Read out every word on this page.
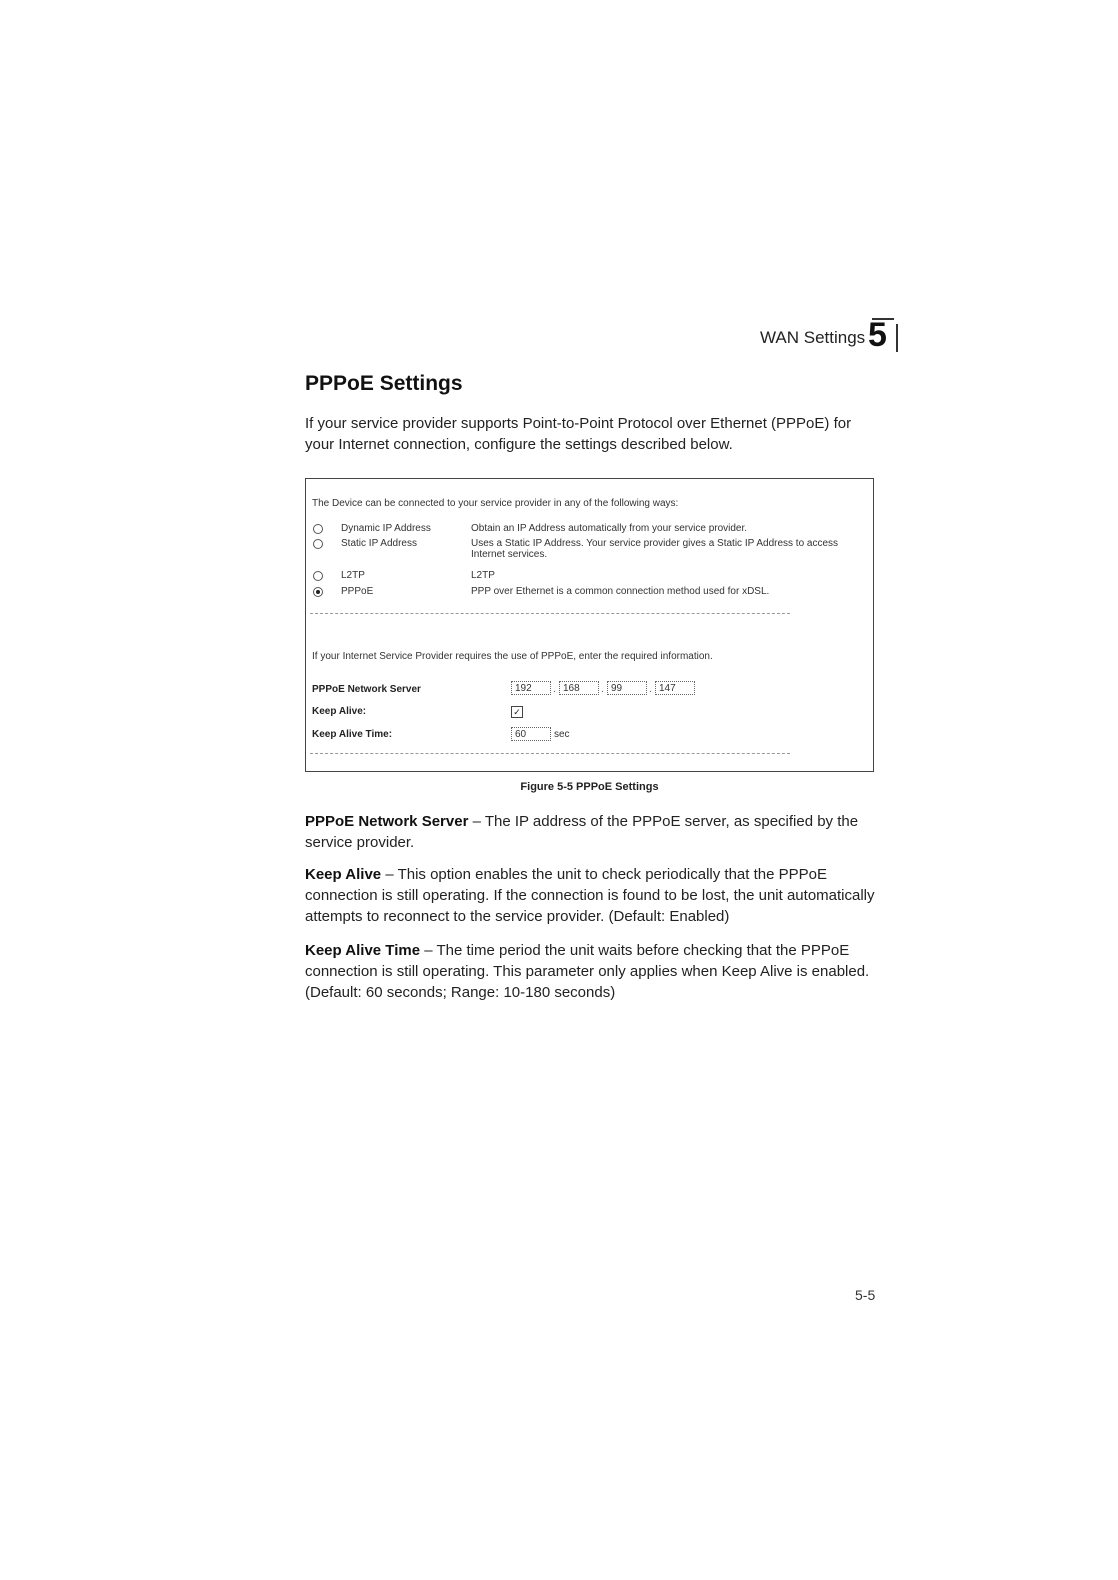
WAN Settings 5
PPPoE Settings
If your service provider supports Point-to-Point Protocol over Ethernet (PPPoE) for your Internet connection, configure the settings described below.
The Device can be connected to your service provider in any of the following ways:
Dynamic IP Address	Obtain an IP Address automatically from your service provider.
Static IP Address	Uses a Static IP Address. Your service provider gives a Static IP Address to access Internet services.
L2TP	L2TP
PPPoE	PPP over Ethernet is a common connection method used for xDSL.
If your Internet Service Provider requires the use of PPPoE, enter the required information.
PPPoE Network Server	192	. 168	. 99	. 147
Keep Alive:	✓
Keep Alive Time:	60	sec
Figure 5-5 PPPoE Settings
PPPoE Network Server – The IP address of the PPPoE server, as specified by the service provider.
Keep Alive – This option enables the unit to check periodically that the PPPoE connection is still operating. If the connection is found to be lost, the unit automatically attempts to reconnect to the service provider. (Default: Enabled)
Keep Alive Time – The time period the unit waits before checking that the PPPoE connection is still operating. This parameter only applies when Keep Alive is enabled. (Default: 60 seconds; Range: 10-180 seconds)
5-5
